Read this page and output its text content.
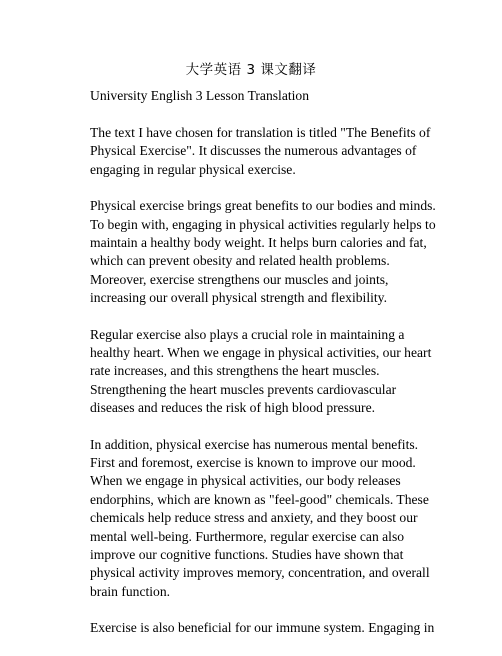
大学英语 3 课文翻译

University English 3 Lesson Translation

The text I have chosen for translation is titled "The Benefits of Physical Exercise". It discusses the numerous advantages of engaging in regular physical exercise.

Physical exercise brings great benefits to our bodies and minds. To begin with, engaging in physical activities regularly helps to maintain a healthy body weight. It helps burn calories and fat, which can prevent obesity and related health problems. Moreover, exercise strengthens our muscles and joints, increasing our overall physical strength and flexibility.

Regular exercise also plays a crucial role in maintaining a healthy heart. When we engage in physical activities, our heart rate increases, and this strengthens the heart muscles. Strengthening the heart muscles prevents cardiovascular diseases and reduces the risk of high blood pressure.

In addition, physical exercise has numerous mental benefits. First and foremost, exercise is known to improve our mood. When we engage in physical activities, our body releases endorphins, which are known as "feel-good" chemicals. These chemicals help reduce stress and anxiety, and they boost our mental well-being. Furthermore, regular exercise can also improve our cognitive functions. Studies have shown that physical activity improves memory, concentration, and overall brain function.

Exercise is also beneficial for our immune system. Engaging in
